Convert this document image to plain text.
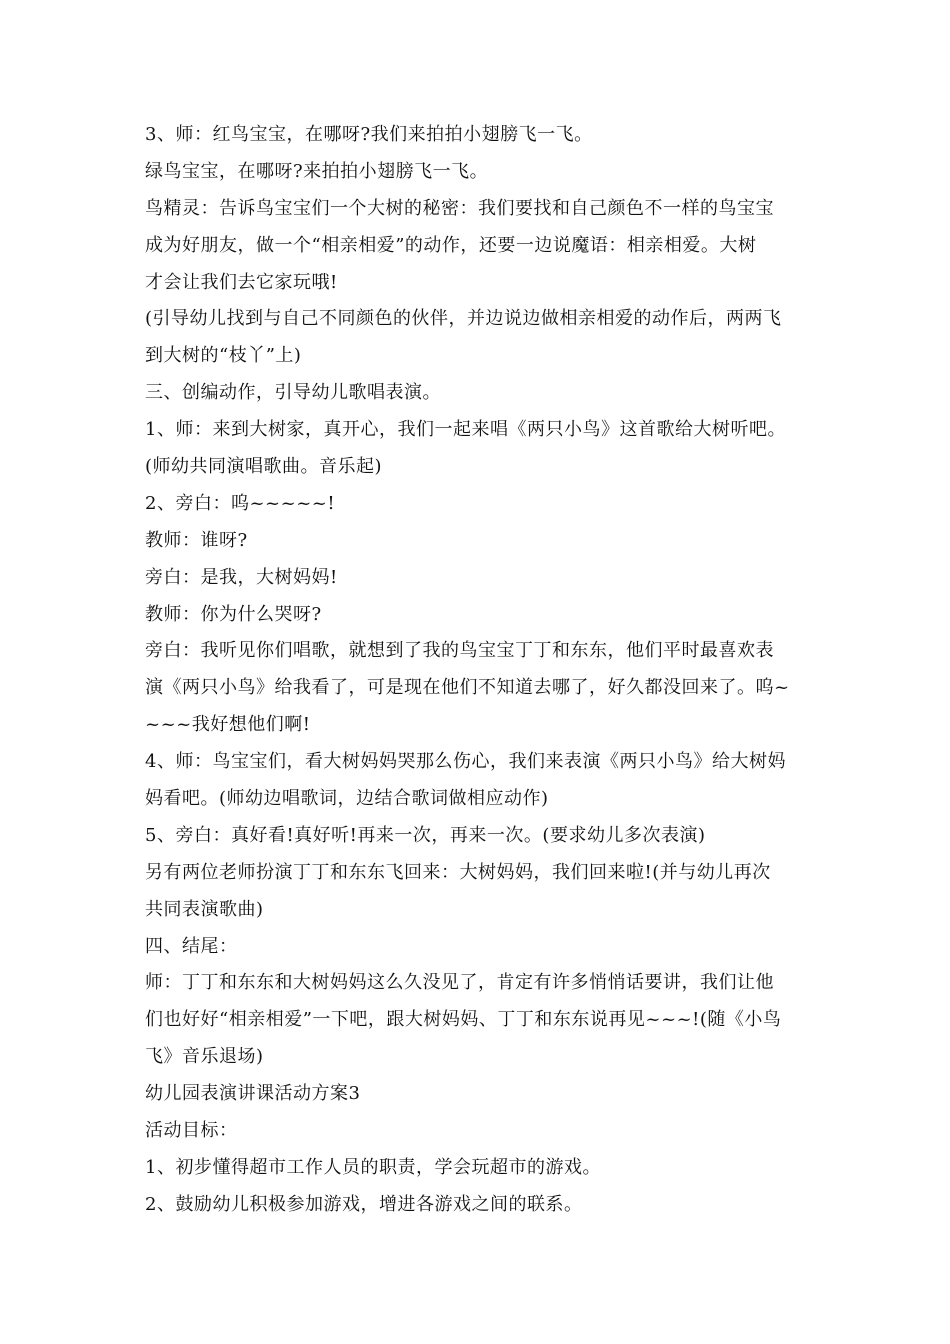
3、师：红鸟宝宝，在哪呀?我们来拍拍小翅膀飞一飞。
绿鸟宝宝，在哪呀?来拍拍小翅膀飞一飞。
鸟精灵：告诉鸟宝宝们一个大树的秘密：我们要找和自己颜色不一样的鸟宝宝
成为好朋友，做一个“相亲相爱”的动作，还要一边说魔语：相亲相爱。大树
才会让我们去它家玩哦!
(引导幼儿找到与自己不同颜色的伙伴，并边说边做相亲相爱的动作后，两两飞
到大树的“枝丫”上)
三、创编动作，引导幼儿歌唱表演。
1、师：来到大树家，真开心，我们一起来唱《两只小鸟》这首歌给大树听吧。
(师幼共同演唱歌曲。音乐起)
2、旁白：呜~~~~~!
教师：谁呀?
旁白：是我，大树妈妈!
教师：你为什么哭呀?
旁白：我听见你们唱歌，就想到了我的鸟宝宝丁丁和东东，他们平时最喜欢表
演《两只小鸟》给我看了，可是现在他们不知道去哪了，好久都没回来了。呜~
~~~我好想他们啊!
4、师：鸟宝宝们，看大树妈妈哭那么伤心，我们来表演《两只小鸟》给大树妈
妈看吧。(师幼边唱歌词，边结合歌词做相应动作)
5、旁白：真好看!真好听!再来一次，再来一次。(要求幼儿多次表演)
另有两位老师扮演丁丁和东东飞回来：大树妈妈，我们回来啦!(并与幼儿再次
共同表演歌曲)
四、结尾：
师：丁丁和东东和大树妈妈这么久没见了，肯定有许多悄悄话要讲，我们让他
们也好好“相亲相爱”一下吧，跟大树妈妈、丁丁和东东说再见~~~!(随《小鸟
飞》音乐退场)
幼儿园表演讲课活动方案3
活动目标：
1、初步懂得超市工作人员的职责，学会玩超市的游戏。
2、鼓励幼儿积极参加游戏，增进各游戏之间的联系。
